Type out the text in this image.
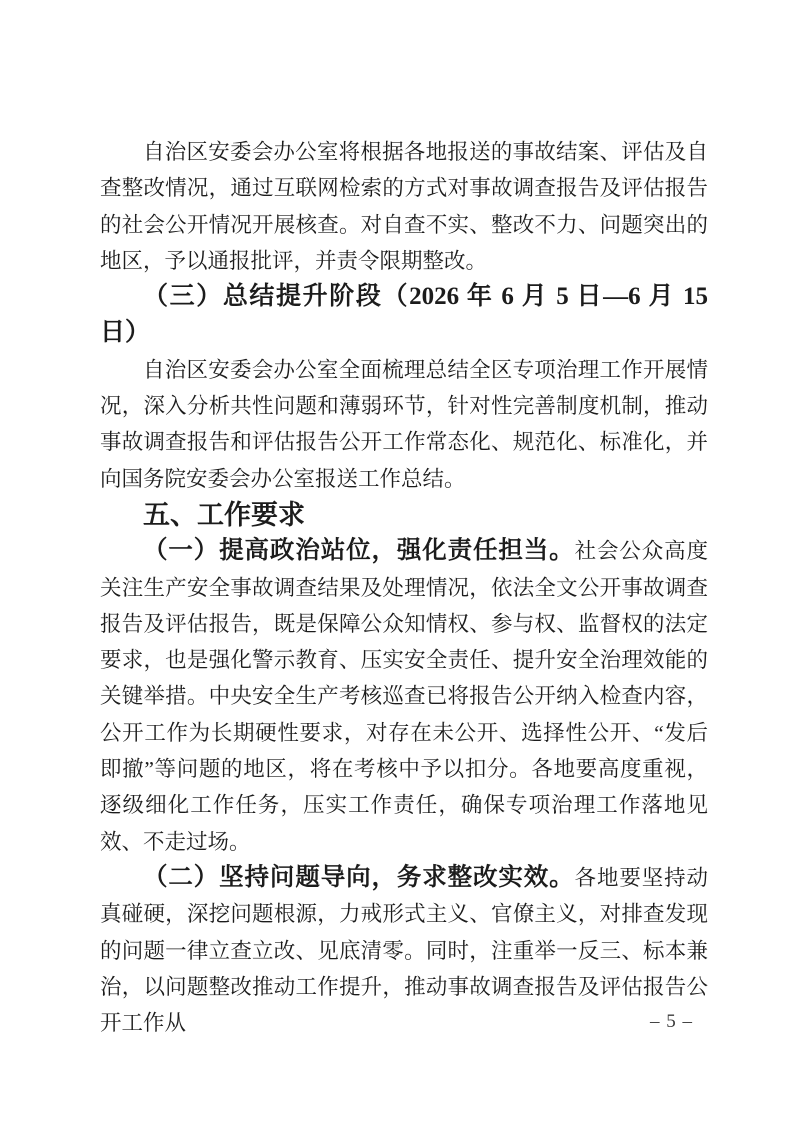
自治区安委会办公室将根据各地报送的事故结案、评估及自查整改情况，通过互联网检索的方式对事故调查报告及评估报告的社会公开情况开展核查。对自查不实、整改不力、问题突出的地区，予以通报批评，并责令限期整改。

（三）总结提升阶段（2026 年 6 月 5 日—6 月 15 日）

自治区安委会办公室全面梳理总结全区专项治理工作开展情况，深入分析共性问题和薄弱环节，针对性完善制度机制，推动事故调查报告和评估报告公开工作常态化、规范化、标准化，并向国务院安委会办公室报送工作总结。

五、工作要求

（一）提高政治站位，强化责任担当。社会公众高度关注生产安全事故调查结果及处理情况，依法全文公开事故调查报告及评估报告，既是保障公众知情权、参与权、监督权的法定要求，也是强化警示教育、压实安全责任、提升安全治理效能的关键举措。中央安全生产考核巡查已将报告公开纳入检查内容，公开工作为长期硬性要求，对存在未公开、选择性公开、“发后即撤”等问题的地区，将在考核中予以扣分。各地要高度重视，逐级细化工作任务，压实工作责任，确保专项治理工作落地见效、不走过场。

（二）坚持问题导向，务求整改实效。各地要坚持动真碰硬，深挖问题根源，力戒形式主义、官僚主义，对排查发现的问题一律立查立改、见底清零。同时，注重举一反三、标本兼治，以问题整改推动工作提升，推动事故调查报告及评估报告公开工作从	– 5 –
